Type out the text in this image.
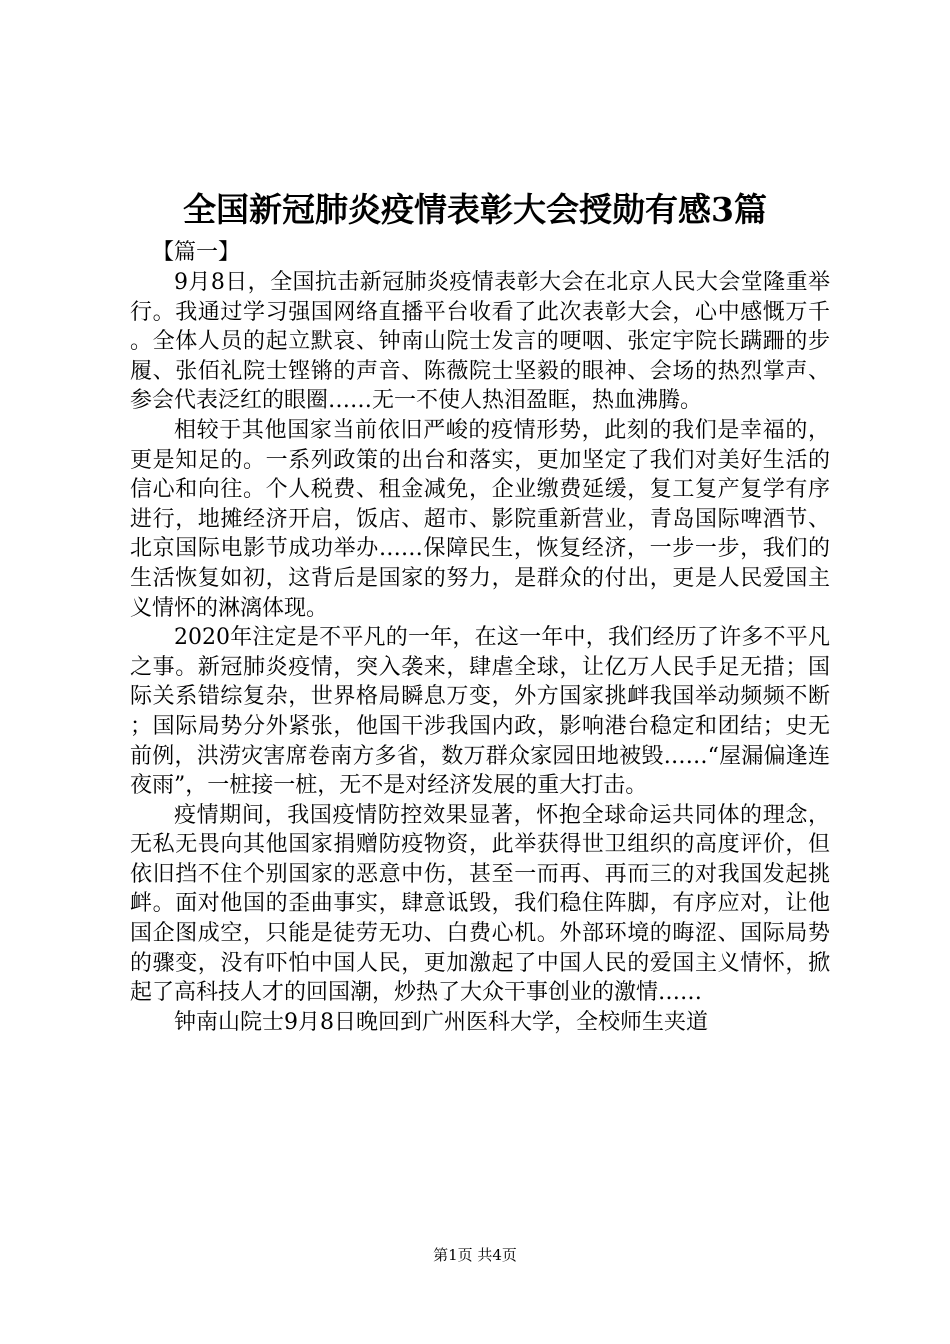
全国新冠肺炎疫情表彰大会授勋有感3篇
【篇一】

9月8日，全国抗击新冠肺炎疫情表彰大会在北京人民大会堂隆重举行。我通过学习强国网络直播平台收看了此次表彰大会，心中感慨万千。全体人员的起立默哀、钟南山院士发言的哽咽、张定宇院长蹒跚的步履、张佰礼院士铿锵的声音、陈薇院士坚毅的眼神、会场的热烈掌声、参会代表泛红的眼圈……无一不使人热泪盈眶，热血沸腾。

相较于其他国家当前依旧严峻的疫情形势，此刻的我们是幸福的，更是知足的。一系列政策的出台和落实，更加坚定了我们对美好生活的信心和向往。个人税费、租金减免，企业缴费延缓，复工复产复学有序进行，地摊经济开启，饭店、超市、影院重新营业，青岛国际啤酒节、北京国际电影节成功举办……保障民生，恢复经济，一步一步，我们的生活恢复如初，这背后是国家的努力，是群众的付出，更是人民爱国主义情怀的淋漓体现。

2020年注定是不平凡的一年，在这一年中，我们经历了许多不平凡之事。新冠肺炎疫情，突入袭来，肆虐全球，让亿万人民手足无措；国际关系错综复杂，世界格局瞬息万变，外方国家挑衅我国举动频频不断；国际局势分外紧张，他国干涉我国内政，影响港台稳定和团结；史无前例，洪涝灾害席卷南方多省，数万群众家园田地被毁……“屋漏偏逢连夜雨”，一桩接一桩，无不是对经济发展的重大打击。

疫情期间，我国疫情防控效果显著，怀抱全球命运共同体的理念，无私无畏向其他国家捐赠防疫物资，此举获得世卫组织的高度评价，但依旧挡不住个别国家的恶意中伤，甚至一而再、再而三的对我国发起挑衅。面对他国的歪曲事实，肆意诋毁，我们稳住阵脚，有序应对，让他国企图成空，只能是徒劳无功、白费心机。外部环境的晦涩、国际局势的骤变，没有吓怕中国人民，更加激起了中国人民的爱国主义情怀，掀起了高科技人才的回国潮，炒热了大众干事创业的激情……

钟南山院士9月8日晚回到广州医科大学，全校师生夹道

第1页 共4页
